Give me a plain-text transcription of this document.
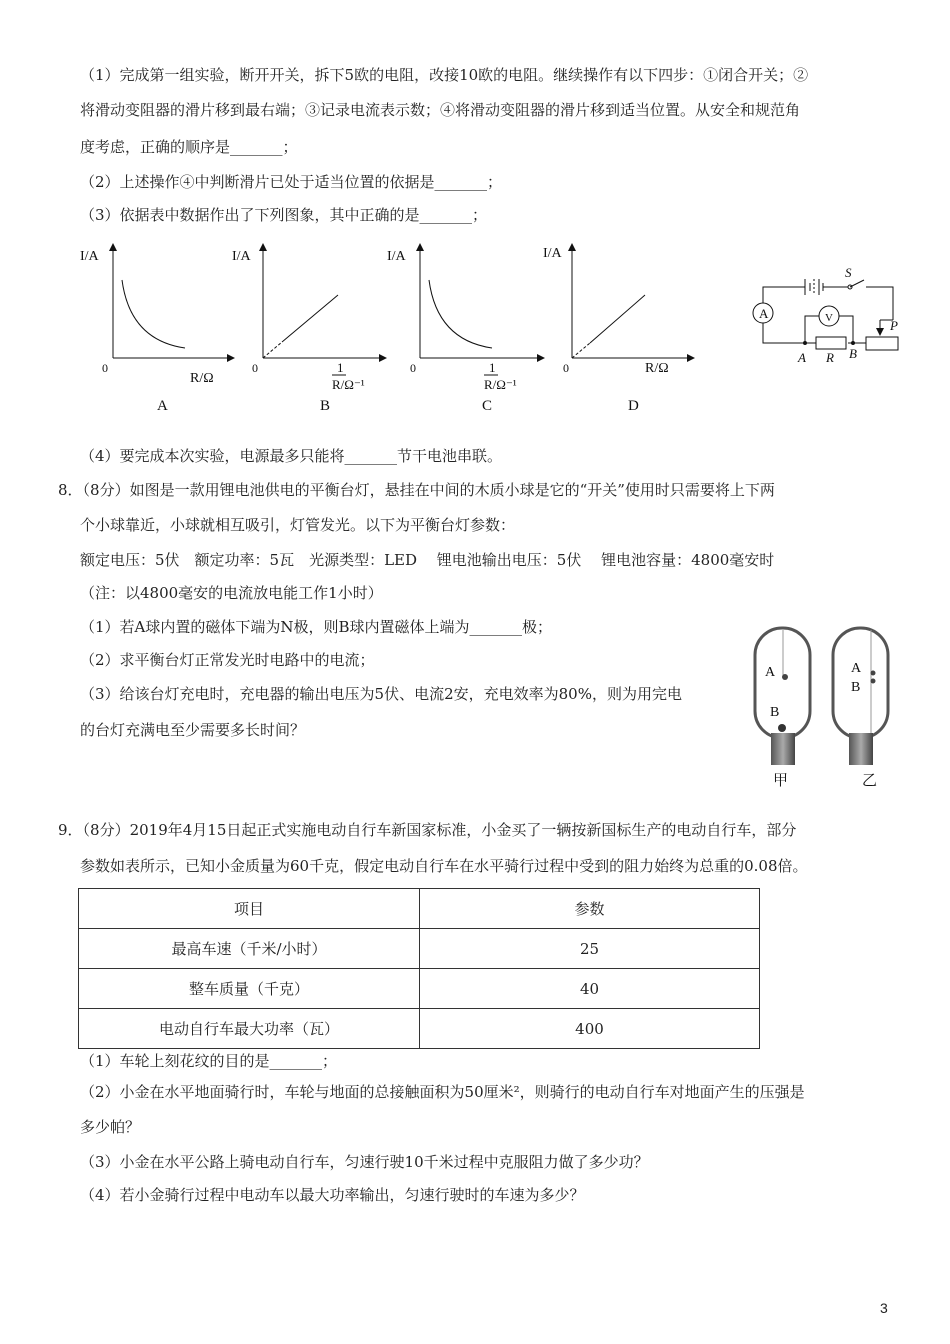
（1）完成第一组实验，断开开关，拆下5欧的电阻，改接10欧的电阻。继续操作有以下四步：①闭合开关；②
将滑动变阻器的滑片移到最右端；③记录电流表示数；④将滑动变阻器的滑片移到适当位置。从安全和规范角
度考虑，正确的顺序是_______；
（2）上述操作④中判断滑片已处于适当位置的依据是_______；
（3）依据表中数据作出了下列图象，其中正确的是_______；
I/A
0
R/Ω
A
I/A
0	1
R/Ω⁻¹
B
I/A
0	1
R/Ω⁻¹
C
I/A
0	R/Ω
D
A	V
S
P
A R B
（4）要完成本次实验，电源最多只能将_______节干电池串联。
8．（8分）如图是一款用锂电池供电的平衡台灯，悬挂在中间的木质小球是它的“开关”使用时只需要将上下两
个小球靠近，小球就相互吸引，灯管发光。以下为平衡台灯参数：
额定电压：5伏　额定功率：5瓦　光源类型：LED　 锂电池输出电压：5伏　 锂电池容量：4800毫安时
（注：以4800毫安的电流放电能工作1小时）
（1）若A球内置的磁体下端为N极，则B球内置磁体上端为_______极；
（2）求平衡台灯正常发光时电路中的电流；
（3）给该台灯充电时，充电器的输出电压为5伏、电流2安，充电效率为80%，则为用完电
的台灯充满电至少需要多长时间？
A
B
甲
A
B
乙
9．（8分）2019年4月15日起正式实施电动自行车新国家标准，小金买了一辆按新国标生产的电动自行车，部分
参数如表所示，已知小金质量为60千克，假定电动自行车在水平骑行过程中受到的阻力始终为总重的0.08倍。
项目	参数
最高车速（千米/小时）	25
整车质量（千克）	40
电动自行车最大功率（瓦）	400
（1）车轮上刻花纹的目的是_______；
（2）小金在水平地面骑行时，车轮与地面的总接触面积为50厘米²，则骑行的电动自行车对地面产生的压强是
多少帕？
（3）小金在水平公路上骑电动自行车，匀速行驶10千米过程中克服阻力做了多少功？
（4）若小金骑行过程中电动车以最大功率输出，匀速行驶时的车速为多少？
3
